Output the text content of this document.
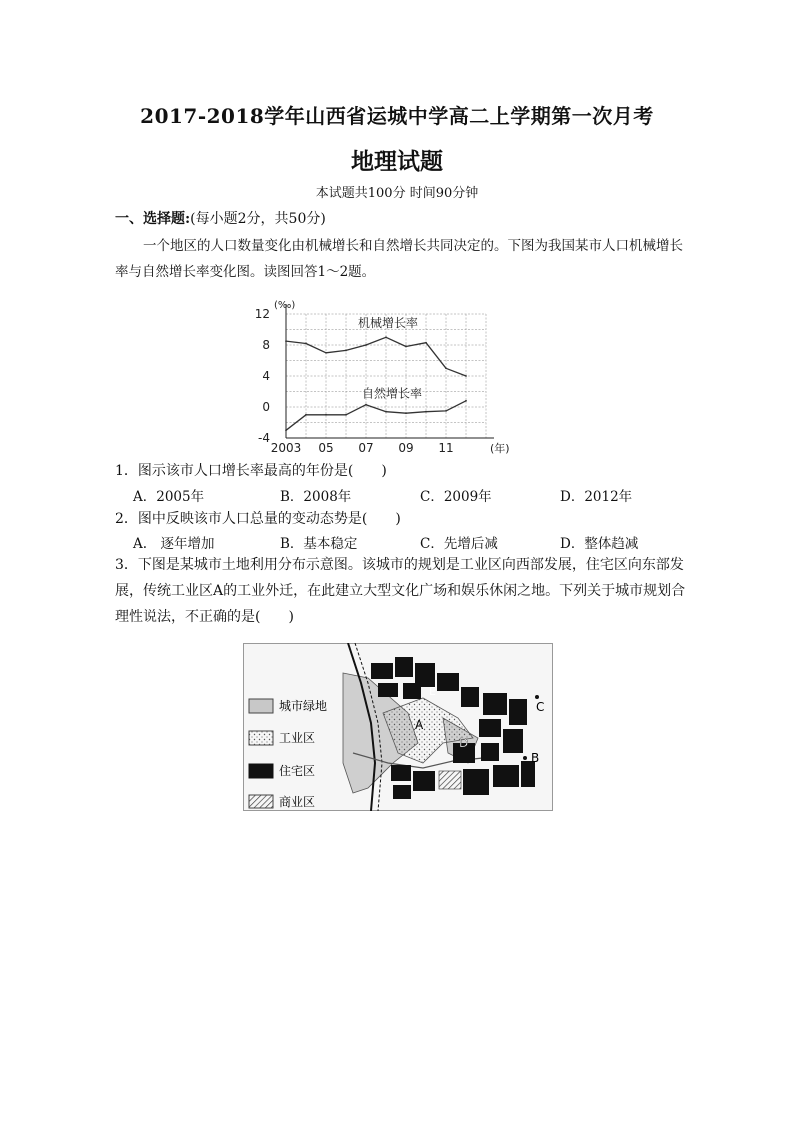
2017-2018学年山西省运城中学高二上学期第一次月考
地理试题
本试题共100分 时间90分钟
一、选择题:(每小题2分，共50分)
一个地区的人口数量变化由机械增长和自然增长共同决定的。下图为我国某市人口机械增长率与自然增长率变化图。读图回答1～2题。
12
8
4
0
-4
2003 05 07 09 11
(‰)
(年)
机械增长率
自然增长率
1．图示该市人口增长率最高的年份是(　　)
A．2005年	B．2008年	C．2009年	D．2012年
2．图中反映该市人口总量的变动态势是(　　)
A.　逐年增加	B．基本稳定	C．先增后减	D．整体趋减
3．下图是某城市土地利用分布示意图。该城市的规划是工业区向西部发展，住宅区向东部发展，传统工业区A的工业外迁，在此建立大型文化广场和娱乐休闲之地。下列关于城市规划合理性说法，不正确的是(　　)
城市绿地
工业区
住宅区
商业区
A
B
C
D
E
